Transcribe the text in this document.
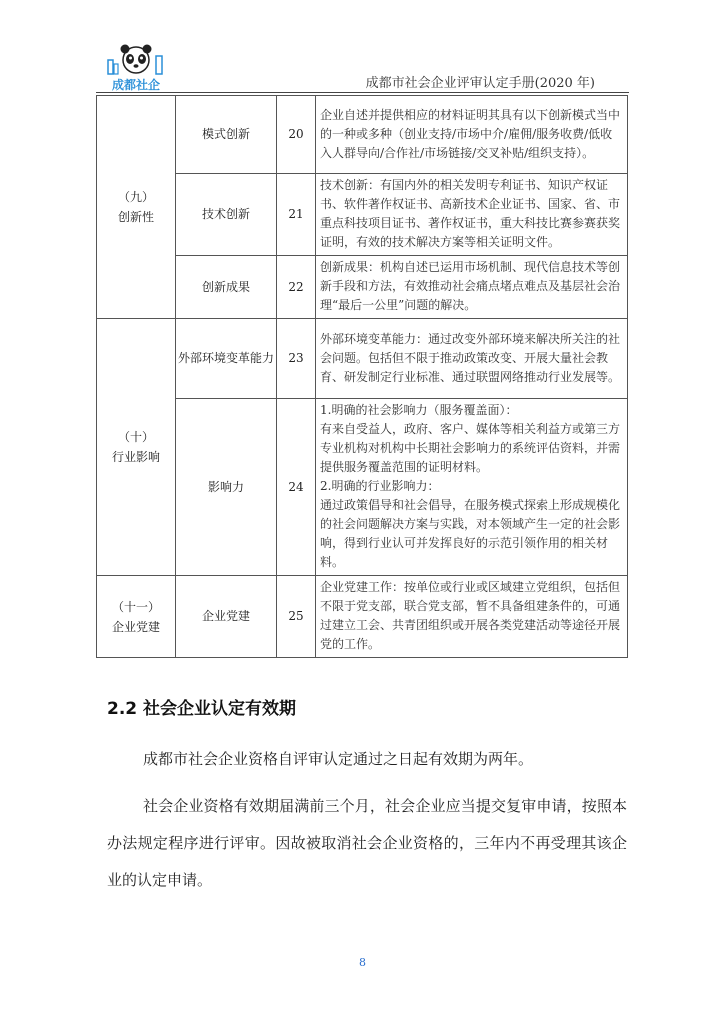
成都社企	成都市社会企业评审认定手册(2020 年)
（九）
创新性	模式创新	20	企业自述并提供相应的材料证明其具有以下创新模式当中的一种或多种（创业支持/市场中介/雇佣/服务收费/低收入人群导向/合作社/市场链接/交叉补贴/组织支持）。
	技术创新	21	技术创新：有国内外的相关发明专利证书、知识产权证书、软件著作权证书、高新技术企业证书、国家、省、市重点科技项目证书、著作权证书，重大科技比赛参赛获奖证明，有效的技术解决方案等相关证明文件。
	创新成果	22	创新成果：机构自述已运用市场机制、现代信息技术等创新手段和方法，有效推动社会痛点堵点难点及基层社会治理“最后一公里”问题的解决。

（十）
行业影响	外部环境变革能力	23	外部环境变革能力：通过改变外部环境来解决所关注的社会问题。包括但不限于推动政策改变、开展大量社会教育、研发制定行业标准、通过联盟网络推动行业发展等。
	影响力	24	1.明确的社会影响力（服务覆盖面）：
有来自受益人，政府、客户、媒体等相关利益方或第三方专业机构对机构中长期社会影响力的系统评估资料，并需提供服务覆盖范围的证明材料。
2.明确的行业影响力：
通过政策倡导和社会倡导，在服务模式探索上形成规模化的社会问题解决方案与实践，对本领域产生一定的社会影响，得到行业认可并发挥良好的示范引领作用的相关材料。

（十一）
企业党建	企业党建	25	企业党建工作：按单位或行业或区域建立党组织，包括但不限于党支部，联合党支部，暂不具备组建条件的，可通过建立工会、共青团组织或开展各类党建活动等途径开展党的工作。
2.2 社会企业认定有效期
成都市社会企业资格自评审认定通过之日起有效期为两年。
社会企业资格有效期届满前三个月，社会企业应当提交复审申请，按照本办法规定程序进行评审。因故被取消社会企业资格的，三年内不再受理其该企业的认定申请。
8
